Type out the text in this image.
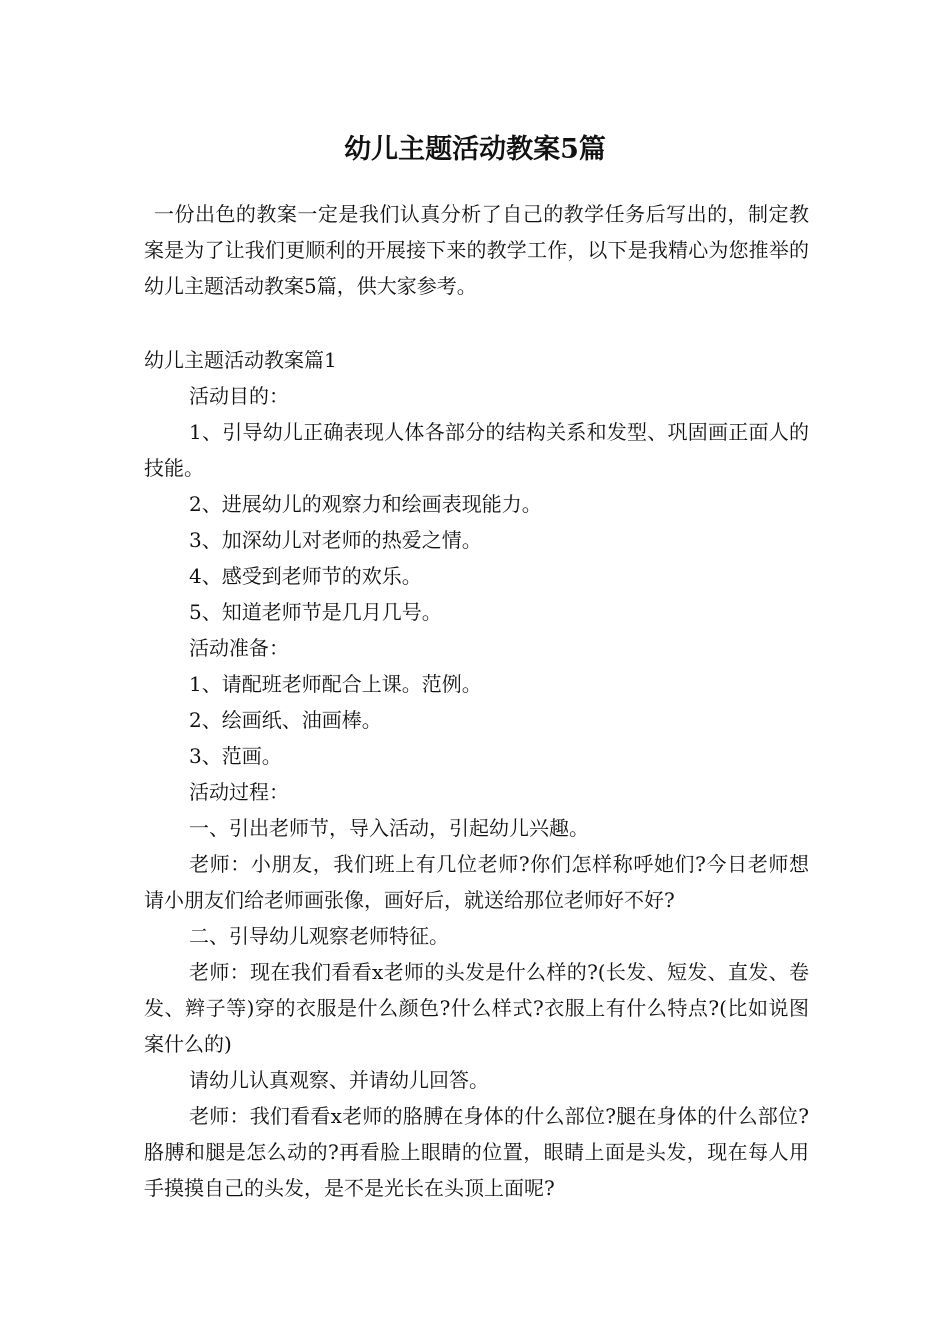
幼儿主题活动教案5篇

一份出色的教案一定是我们认真分析了自己的教学任务后写出的，制定教案是为了让我们更顺利的开展接下来的教学工作，以下是我精心为您推举的幼儿主题活动教案5篇，供大家参考。

幼儿主题活动教案篇1

活动目的：

1、引导幼儿正确表现人体各部分的结构关系和发型、巩固画正面人的技能。

2、进展幼儿的观察力和绘画表现能力。

3、加深幼儿对老师的热爱之情。

4、感受到老师节的欢乐。

5、知道老师节是几月几号。

活动准备：

1、请配班老师配合上课。范例。

2、绘画纸、油画棒。

3、范画。

活动过程：

一、引出老师节，导入活动，引起幼儿兴趣。

老师：小朋友，我们班上有几位老师?你们怎样称呼她们?今日老师想请小朋友们给老师画张像，画好后，就送给那位老师好不好?

二、引导幼儿观察老师特征。

老师：现在我们看看x老师的头发是什么样的?(长发、短发、直发、卷发、辫子等)穿的衣服是什么颜色?什么样式?衣服上有什么特点?(比如说图案什么的)

请幼儿认真观察、并请幼儿回答。

老师：我们看看x老师的胳膊在身体的什么部位?腿在身体的什么部位?胳膊和腿是怎么动的?再看脸上眼睛的位置，眼睛上面是头发，现在每人用手摸摸自己的头发，是不是光长在头顶上面呢?
